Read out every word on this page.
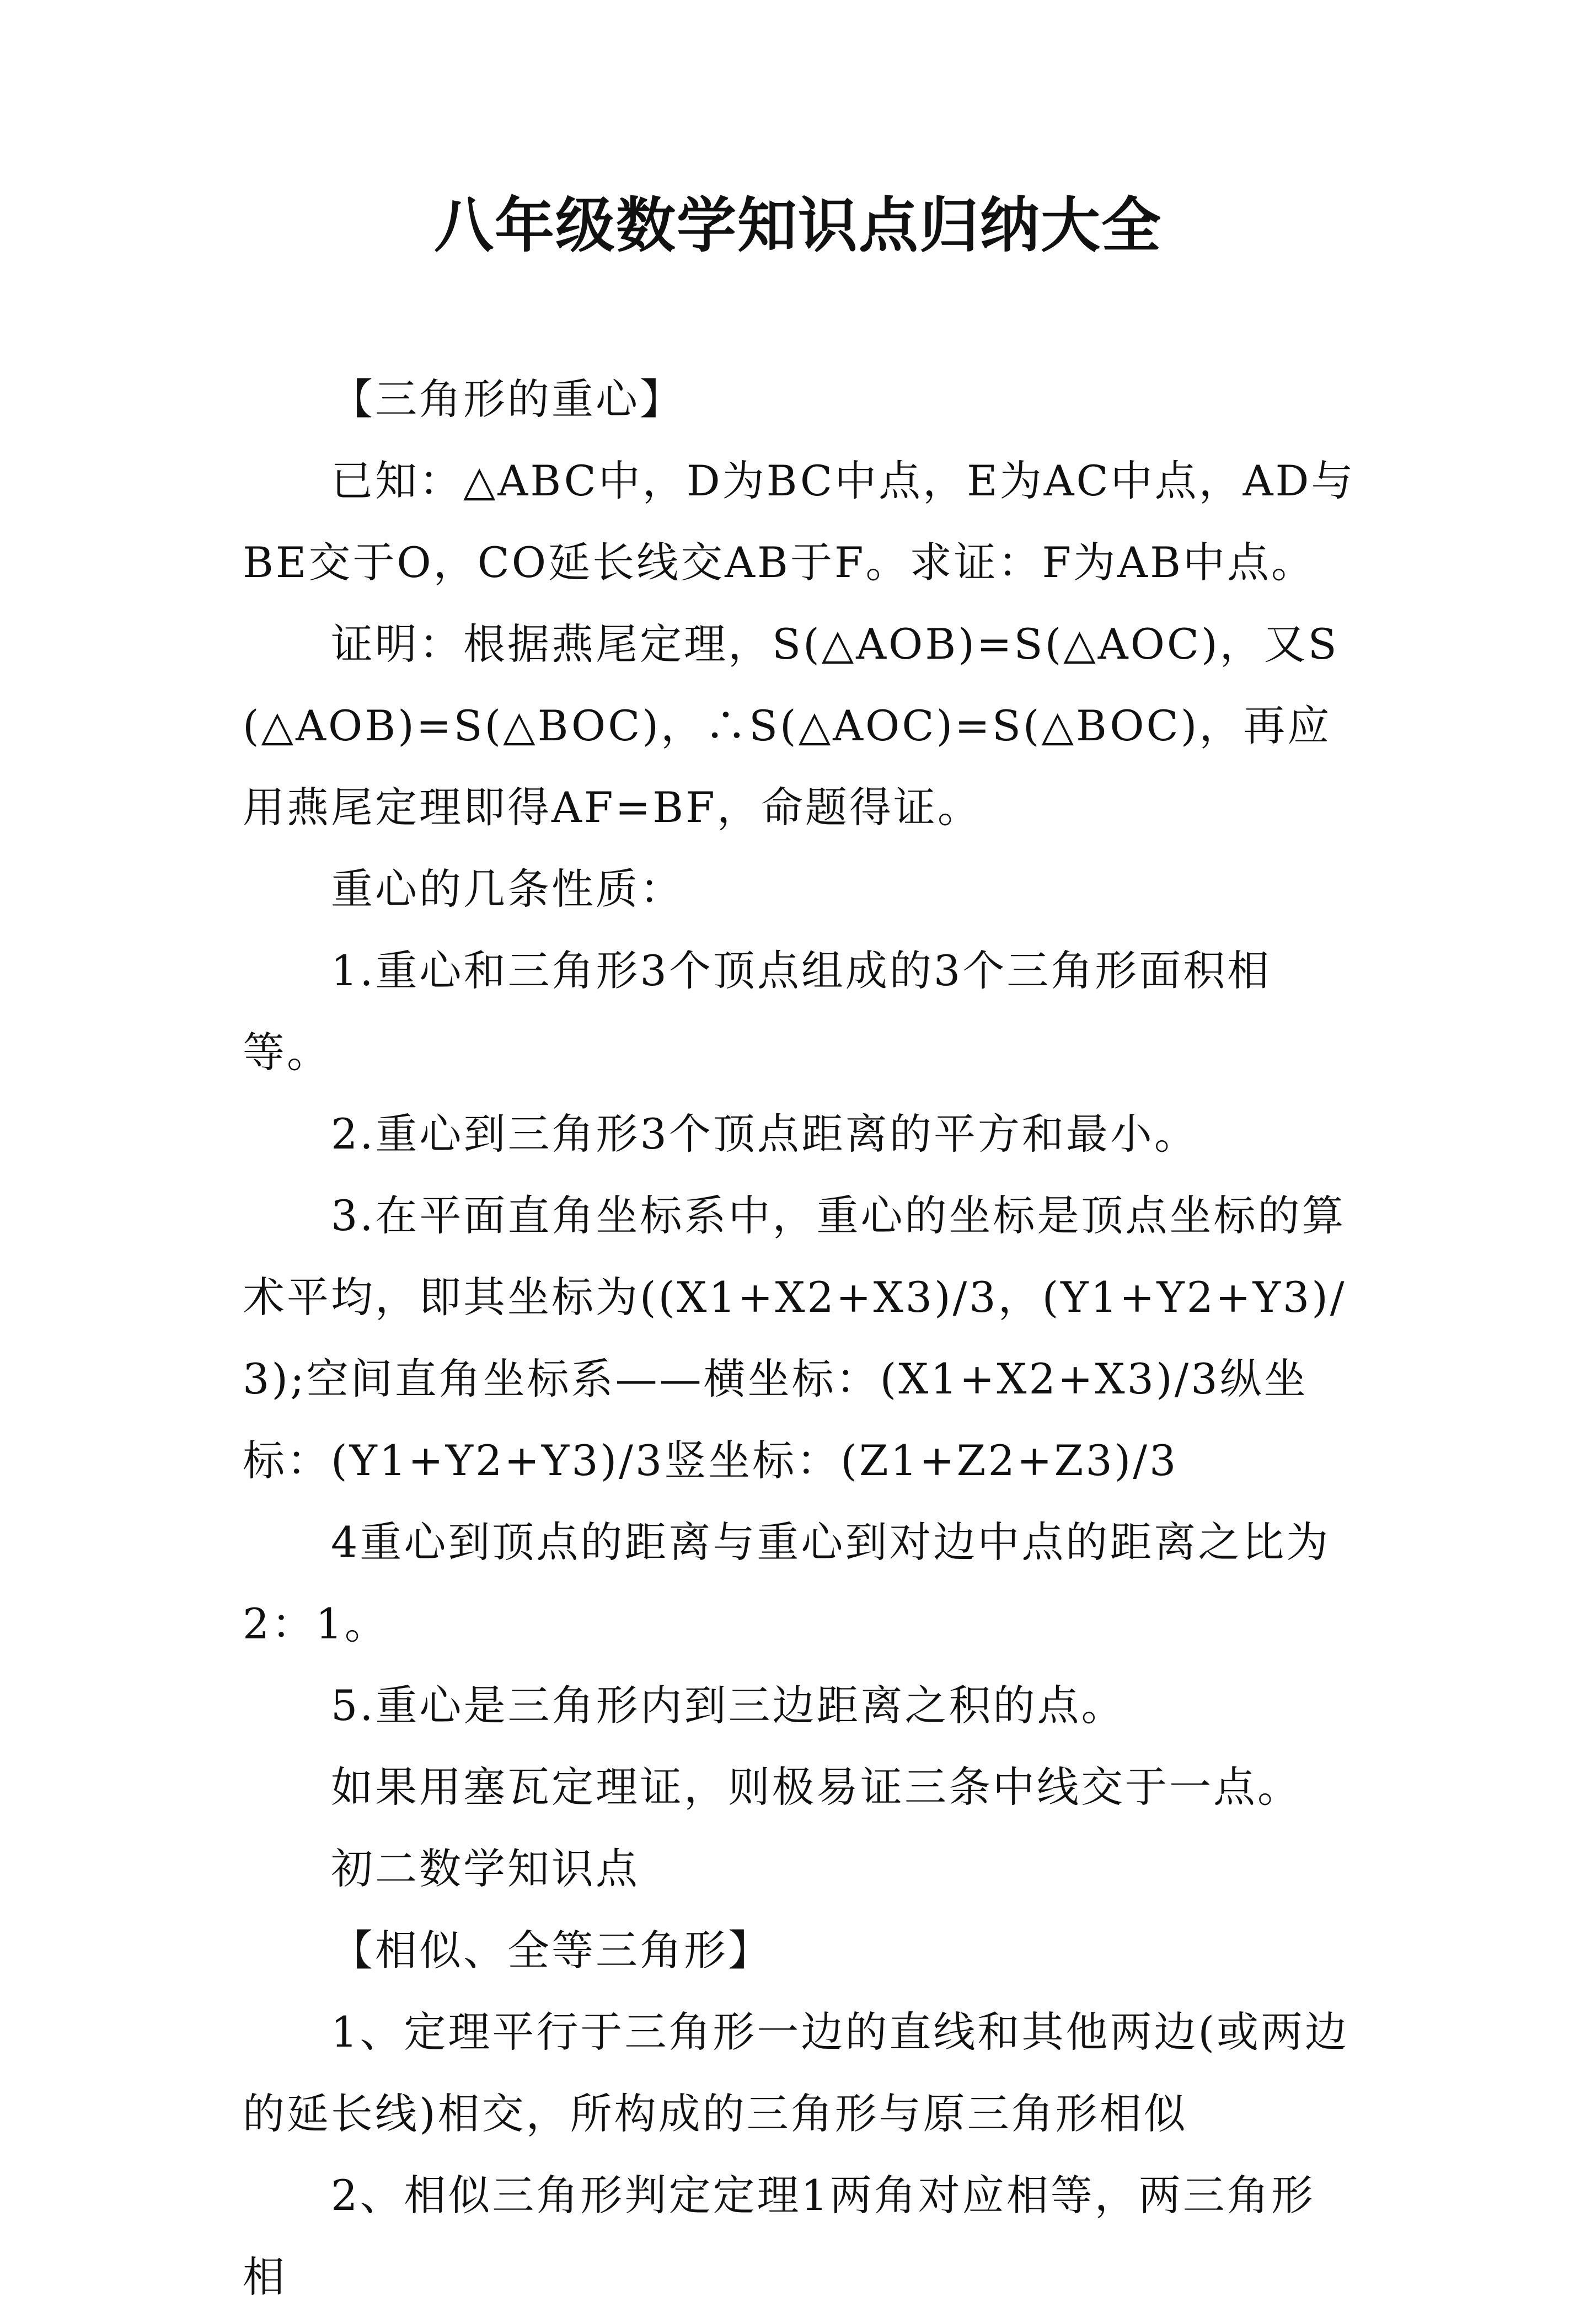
八年级数学知识点归纳大全

【三角形的重心】

已知：△ABC中，D为BC中点，E为AC中点，AD与BE交于O，CO延长线交AB于F。求证：F为AB中点。

证明：根据燕尾定理，S(△AOB)=S(△AOC)，又S(△AOB)=S(△BOC)，∴S(△AOC)=S(△BOC)，再应用燕尾定理即得AF=BF，命题得证。

重心的几条性质：

1.重心和三角形3个顶点组成的3个三角形面积相等。

2.重心到三角形3个顶点距离的平方和最小。

3.在平面直角坐标系中，重心的坐标是顶点坐标的算术平均，即其坐标为((X1+X2+X3)/3，(Y1+Y2+Y3)/3);空间直角坐标系——横坐标：(X1+X2+X3)/3纵坐标：(Y1+Y2+Y3)/3竖坐标：(Z1+Z2+Z3)/3

4重心到顶点的距离与重心到对边中点的距离之比为2：1。

5.重心是三角形内到三边距离之积的点。

如果用塞瓦定理证，则极易证三条中线交于一点。

初二数学知识点

【相似、全等三角形】

1、定理平行于三角形一边的直线和其他两边(或两边的延长线)相交，所构成的三角形与原三角形相似

2、相似三角形判定定理1两角对应相等，两三角形相
